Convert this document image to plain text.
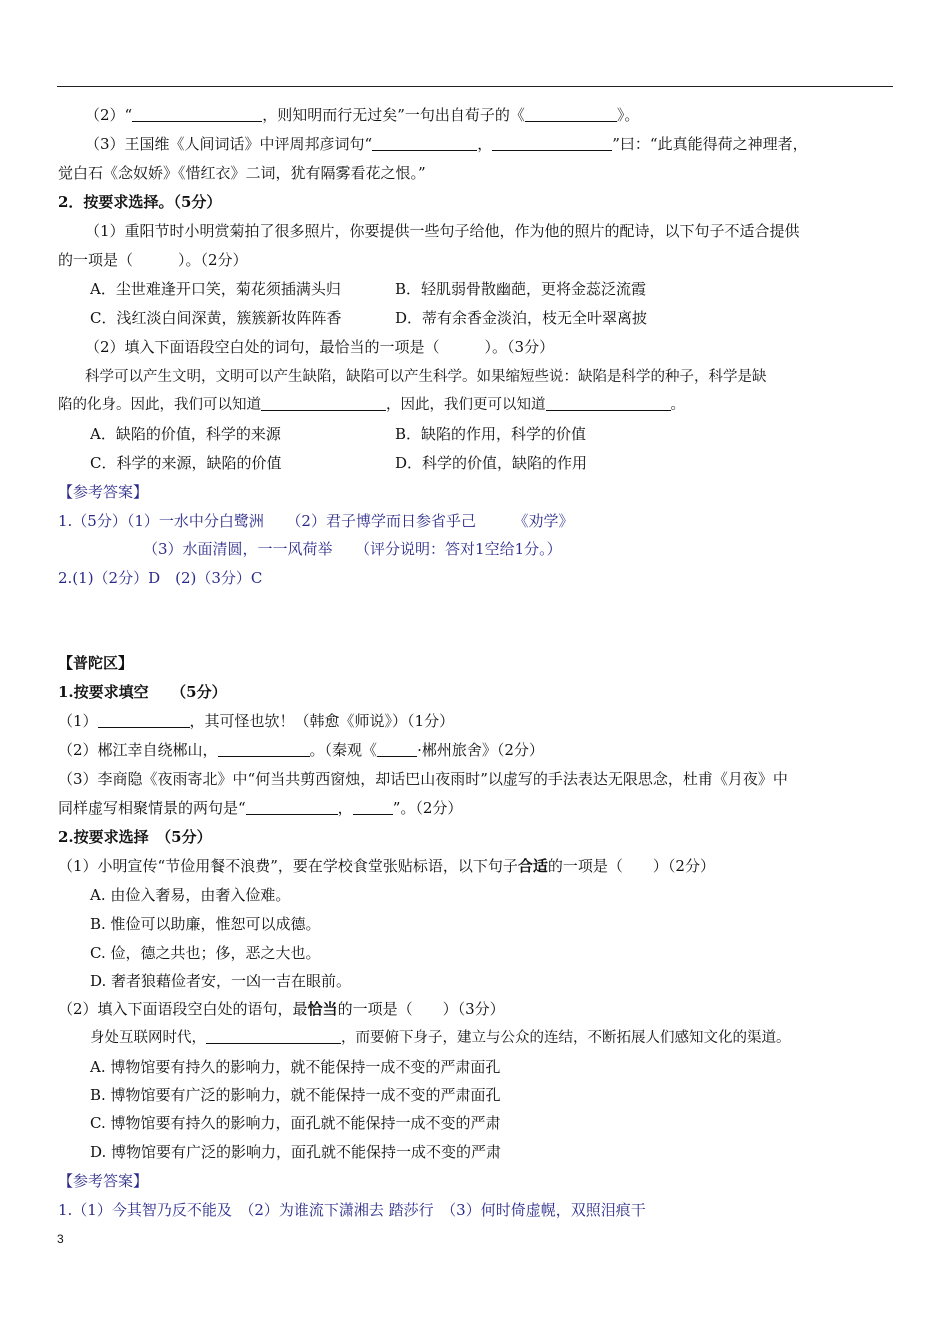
（2）“	，则知明而行无过矣”一句出自荀子的《	》。
（3）王国维《人间词话》中评周邦彦词句“	，	”曰：“此真能得荷之神理者，
觉白石《念奴娇》《惜红衣》二词，犹有隔雾看花之恨。”
2．按要求选择。（5分）
（1）重阳节时小明赏菊拍了很多照片，你要提供一些句子给他，作为他的照片的配诗，以下句子不适合提供
的一项是（　　　）。（2分）
A．尘世难逢开口笑，菊花须插满头归	B．轻肌弱骨散幽葩，更将金蕊泛流霞
C．浅红淡白间深黄，簇簇新妆阵阵香	D．蒂有余香金淡泊，枝无全叶翠离披
（2）填入下面语段空白处的词句，最恰当的一项是（　　　）。（3分）
科学可以产生文明，文明可以产生缺陷，缺陷可以产生科学。如果缩短些说：缺陷是科学的种子，科学是缺
陷的化身。因此，我们可以知道	，因此，我们更可以知道	。
A．缺陷的价值，科学的来源	B．缺陷的作用，科学的价值
C．科学的来源，缺陷的价值	D．科学的价值，缺陷的作用
【参考答案】
1.（5分）（1）一水中分白鹭洲　　（2）君子博学而日参省乎己　　　《劝学》
（3）水面清圆，一一风荷举　　（评分说明：答对1空给1分。）
2.(1)（2分）D　(2)（3分）C
【普陀区】
1.按要求填空　　（5分）
（1）	，其可怪也欤！（韩愈《师说》）（1分）
（2）郴江幸自绕郴山，	。（秦观《	·郴州旅舍》（2分）
（3）李商隐《夜雨寄北》中“何当共剪西窗烛，却话巴山夜雨时”以虚写的手法表达无限思念，杜甫《月夜》中
同样虚写相聚情景的两句是“	，	”。（2分）
2.按要求选择　（5分）
（1）小明宣传“节俭用餐不浪费”，要在学校食堂张贴标语，以下句子合适的一项是（　　）（2分）
A. 由俭入奢易，由奢入俭难。
B. 惟俭可以助廉，惟恕可以成德。
C. 俭，德之共也；侈，恶之大也。
D. 奢者狼藉俭者安，一凶一吉在眼前。
（2）填入下面语段空白处的语句，最恰当的一项是（　　）（3分）
身处互联网时代，	，而要俯下身子，建立与公众的连结，不断拓展人们感知文化的渠道。
A. 博物馆要有持久的影响力，就不能保持一成不变的严肃面孔
B. 博物馆要有广泛的影响力，就不能保持一成不变的严肃面孔
C. 博物馆要有持久的影响力，面孔就不能保持一成不变的严肃
D. 博物馆要有广泛的影响力，面孔就不能保持一成不变的严肃
【参考答案】
1.（1）今其智乃反不能及　（2）为谁流下潇湘去 踏莎行　（3）何时倚虚幌，双照泪痕干
3
